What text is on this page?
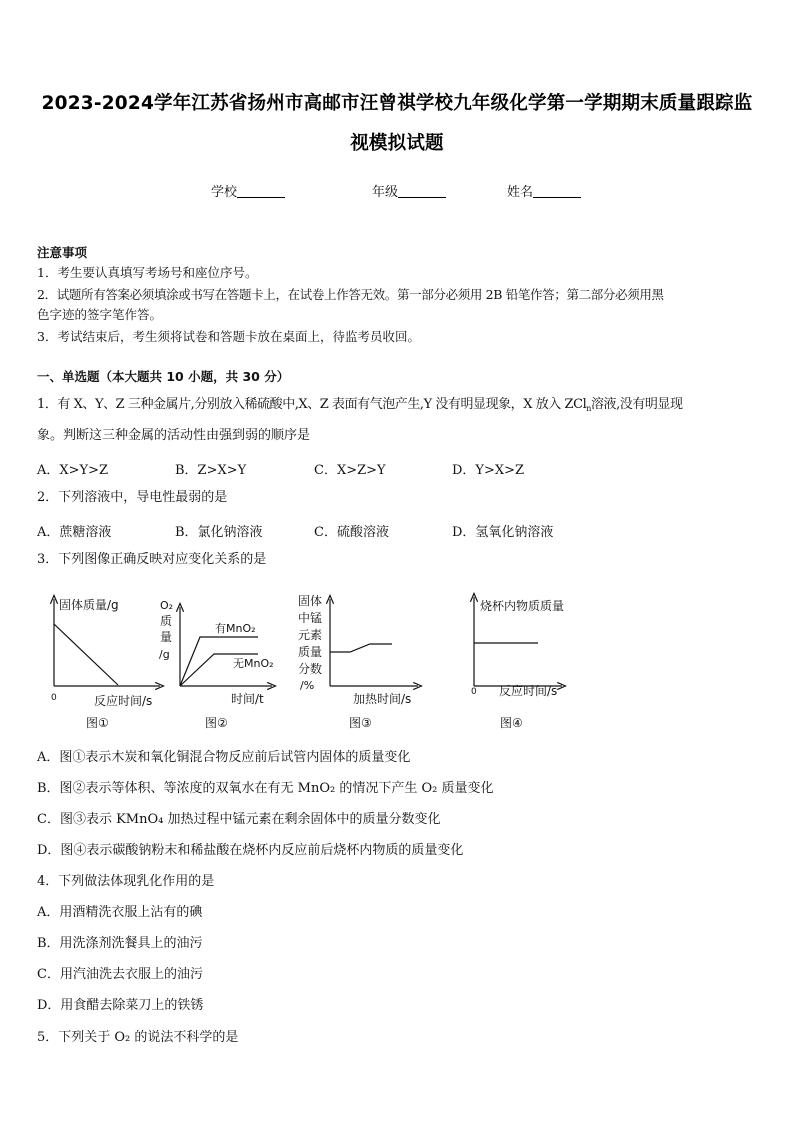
2023-2024学年江苏省扬州市高邮市汪曾祺学校九年级化学第一学期期末质量跟踪监
视模拟试题
学校	年级	姓名
注意事项
1．考生要认真填写考场号和座位序号。
2．试题所有答案必须填涂或书写在答题卡上，在试卷上作答无效。第一部分必须用 2B 铅笔作答；第二部分必须用黑
色字迹的签字笔作答。
3．考试结束后，考生须将试卷和答题卡放在桌面上，待监考员收回。
一、单选题（本大题共 10 小题，共 30 分）
1．有 X、Y、Z 三种金属片,分别放入稀硫酸中,X、Z 表面有气泡产生,Y 没有明显现象，X 放入 ZCl$_n$溶液,没有明显现
象。判断这三种金属的活动性由强到弱的顺序是
A．X>Y>Z	B．Z>X>Y	C．X>Z>Y	D．Y>X>Z
2．下列溶液中，导电性最弱的是
A．蔗糖溶液	B．氯化钠溶液	C．硫酸溶液	D．氢氧化钠溶液
3．下列图像正确反映对应变化关系的是
固体质量/g
0	反应时间/s
图①
O₂
质
量
/g
有MnO₂
无MnO₂
时间/t
图②
固体
中锰
元素
质量
分数
/%
加热时间/s
图③
烧杯内物质质量
0 反应时间/s
图④
A．图①表示木炭和氧化铜混合物反应前后试管内固体的质量变化
B．图②表示等体积、等浓度的双氧水在有无 MnO₂ 的情况下产生 O₂ 质量变化
C．图③表示 KMnO₄ 加热过程中锰元素在剩余固体中的质量分数变化
D．图④表示碳酸钠粉末和稀盐酸在烧杯内反应前后烧杯内物质的质量变化
4．下列做法体现乳化作用的是
A．用酒精洗衣服上沾有的碘
B．用洗涤剂洗餐具上的油污
C．用汽油洗去衣服上的油污
D．用食醋去除菜刀上的铁锈
5．下列关于 O₂ 的说法不科学的是
